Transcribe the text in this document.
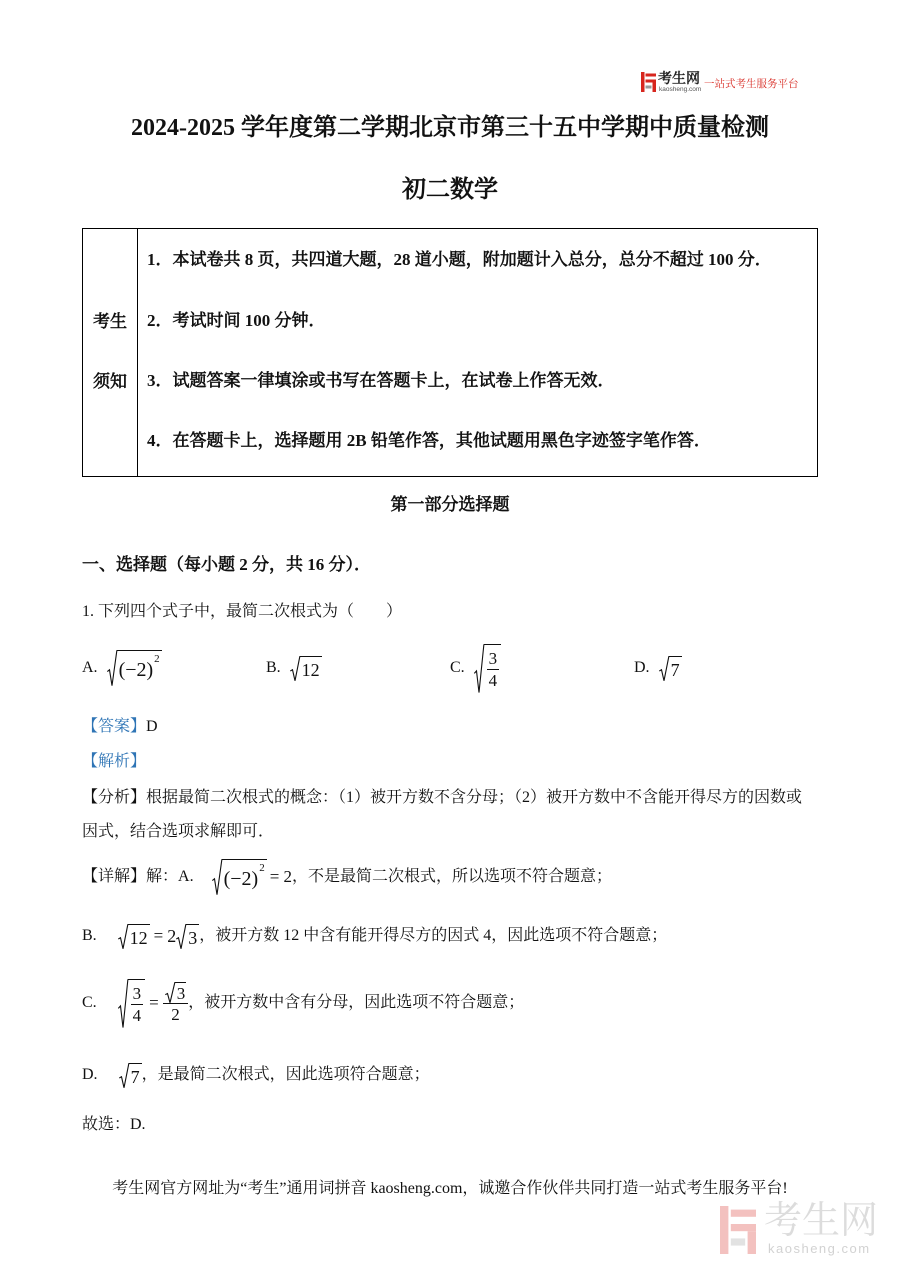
考生网
kaosheng.com 一站式考生服务平台
2024-2025 学年度第二学期北京市第三十五中学期中质量检测
初二数学
考生
须知
1．本试卷共 8 页，共四道大题，28 道小题，附加题计入总分，总分不超过 100 分．
2．考试时间 100 分钟．
3．试题答案一律填涂或书写在答题卡上，在试卷上作答无效．
4．在答题卡上，选择题用 2B 铅笔作答，其他试题用黑色字迹签字笔作答．
第一部分选择题
一、选择题（每小题 2 分，共 16 分）．
1. 下列四个式子中，最简二次根式为（　　）
A.	$(-2)^2$	B.	12	C. $\frac{3}{4}$	D.	7
【答案】D
【解析】
【分析】根据最简二次根式的概念：（1）被开方数不含分母；（2）被开方数中不含能开得尽方的因数或
因式，结合选项求解即可．
【详解】 解：A.	$(-2)^2 = 2$ ，不是最简二次根式，所以选项不符合题意；
B.	12 = 2 3 ，被开方数 12 中含有能开得尽方的因式 4，因此选项不符合题意；
C. $\frac{3}{4} = \frac{3}{2}$ ，被开方数中含有分母，因此选项不符合题意；
D.	7 ，是最简二次根式，因此选项符合题意；
故选：D.
考生网官方网址为“考生”通用词拼音 kaosheng.com，诚邀合作伙伴共同打造一站式考生服务平台!
考生网
kaosheng.com
